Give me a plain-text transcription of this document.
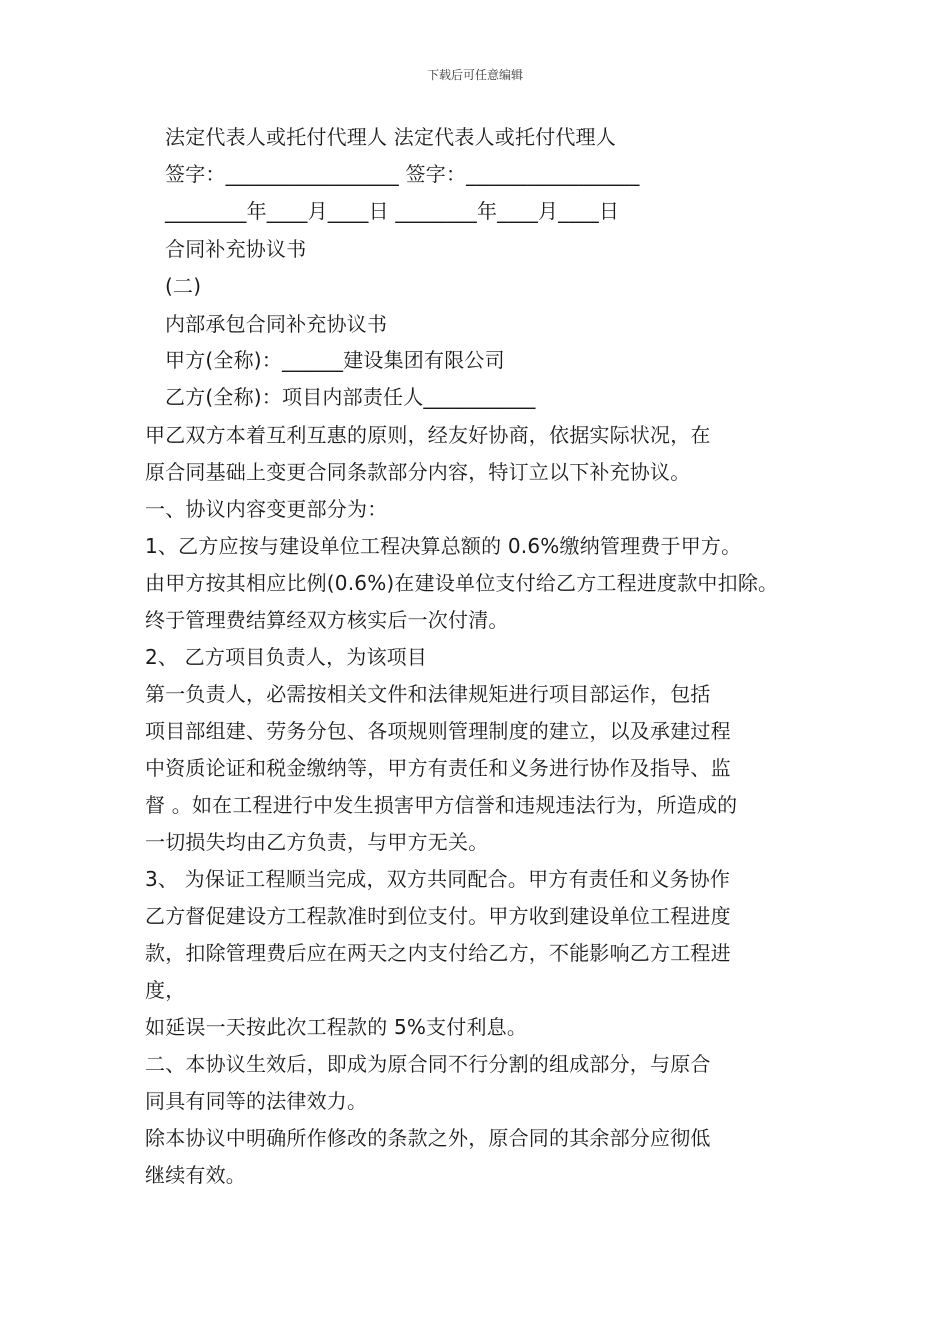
下载后可任意编辑
法定代表人或托付代理人 法定代表人或托付代理人
签字：_________________ 签字：_________________
________年____月____日 ________年____月____日
合同补充协议书
(二)
内部承包合同补充协议书
甲方(全称)：______建设集团有限公司
乙方(全称)：项目内部责任人___________
甲乙双方本着互利互惠的原则，经友好协商，依据实际状况，在
原合同基础上变更合同条款部分内容，特订立以下补充协议。
一、协议内容变更部分为：
1、乙方应按与建设单位工程决算总额的 0.6%缴纳管理费于甲方。
由甲方按其相应比例(0.6%)在建设单位支付给乙方工程进度款中扣除。
终于管理费结算经双方核实后一次付清。
2、 乙方项目负责人，为该项目
第一负责人，必需按相关文件和法律规矩进行项目部运作，包括
项目部组建、劳务分包、各项规则管理制度的建立，以及承建过程
中资质论证和税金缴纳等，甲方有责任和义务进行协作及指导、监
督 。如在工程进行中发生损害甲方信誉和违规违法行为，所造成的
一切损失均由乙方负责，与甲方无关。
3、 为保证工程顺当完成，双方共同配合。甲方有责任和义务协作
乙方督促建设方工程款准时到位支付。甲方收到建设单位工程进度
款，扣除管理费后应在两天之内支付给乙方，不能影响乙方工程进
度，
如延误一天按此次工程款的 5%支付利息。
二、本协议生效后，即成为原合同不行分割的组成部分，与原合
同具有同等的法律效力。
除本协议中明确所作修改的条款之外，原合同的其余部分应彻低
继续有效。
